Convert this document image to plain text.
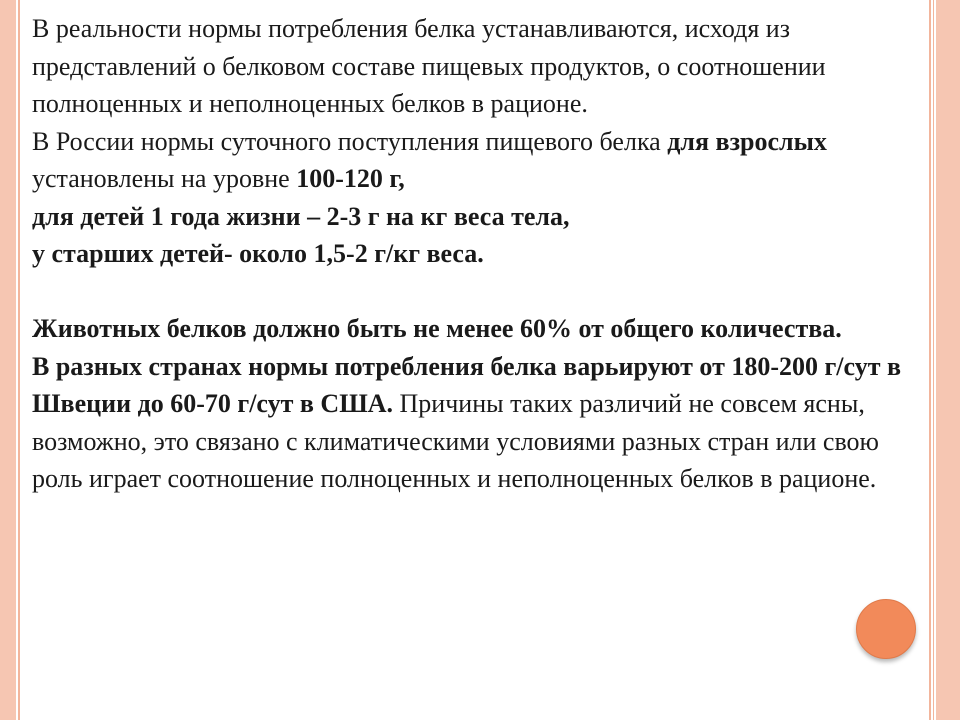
В реальности нормы потребления белка устанавливаются, исходя из представлений о белковом составе пищевых продуктов, о соотношении полноценных и неполноценных белков в рационе.

В России нормы суточного поступления пищевого белка для взрослых установлены на уровне 100-120 г,

для детей 1 года жизни – 2-3 г на кг веса тела,

у старших детей- около 1,5-2 г/кг веса.

Животных белков должно быть не менее 60% от общего количества.

В разных странах нормы потребления белка варьируют от 180-200 г/сут в Швеции до 60-70 г/сут в США. Причины таких различий не совсем ясны, возможно, это связано с климатическими условиями разных стран или свою роль играет соотношение полноценных и неполноценных белков в рационе.
